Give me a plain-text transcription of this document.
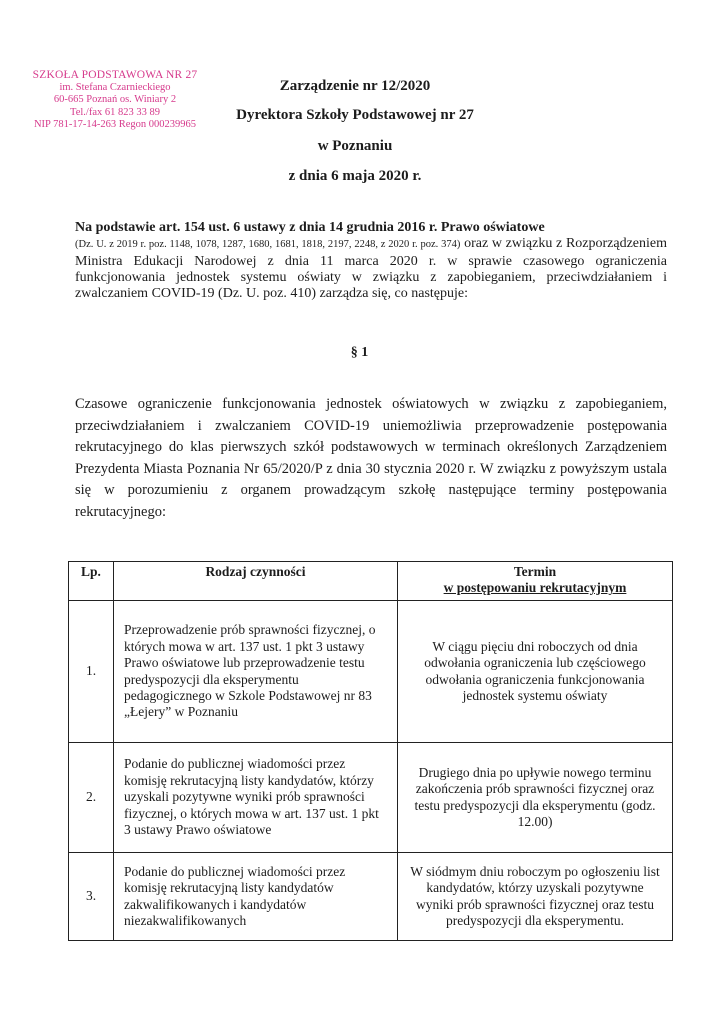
SZKOŁA PODSTAWOWA NR 27
im. Stefana Czarnieckiego
60-665 Poznań os. Winiary 2
Tel./fax 61 823 33 89
NIP 781-17-14-263 Regon 000239965
Zarządzenie nr 12/2020
Dyrektora Szkoły Podstawowej nr 27
w Poznaniu
z dnia 6 maja 2020 r.
Na podstawie art. 154 ust. 6 ustawy z dnia 14 grudnia 2016 r. Prawo oświatowe
(Dz. U. z 2019 r. poz. 1148, 1078, 1287, 1680, 1681, 1818, 2197, 2248, z 2020 r. poz. 374) oraz w związku z Rozporządzeniem Ministra Edukacji Narodowej z dnia 11 marca 2020 r. w sprawie czasowego ograniczenia funkcjonowania jednostek systemu oświaty w związku z zapobieganiem, przeciwdziałaniem i zwalczaniem COVID-19 (Dz. U. poz. 410) zarządza się, co następuje:
§ 1
Czasowe ograniczenie funkcjonowania jednostek oświatowych w związku z zapobieganiem, przeciwdziałaniem i zwalczaniem COVID-19 uniemożliwia przeprowadzenie postępowania rekrutacyjnego do klas pierwszych szkół podstawowych w terminach określonych Zarządzeniem Prezydenta Miasta Poznania Nr 65/2020/P z dnia 30 stycznia 2020 r. W związku z powyższym ustala się w porozumieniu z organem prowadzącym szkołę następujące terminy postępowania rekrutacyjnego:
Lp.	Rodzaj czynności	Termin
w postępowaniu rekrutacyjnym

1.	Przeprowadzenie prób sprawności fizycznej, o których mowa w art. 137 ust. 1 pkt 3 ustawy Prawo oświatowe lub przeprowadzenie testu predyspozycji dla eksperymentu pedagogicznego w Szkole Podstawowej nr 83 „Łejery” w Poznaniu	W ciągu pięciu dni roboczych od dnia odwołania ograniczenia lub częściowego odwołania ograniczenia funkcjonowania jednostek systemu oświaty
2.	Podanie do publicznej wiadomości przez komisję rekrutacyjną listy kandydatów, którzy uzyskali pozytywne wyniki prób sprawności fizycznej, o których mowa w art. 137 ust. 1 pkt 3 ustawy Prawo oświatowe	Drugiego dnia po upływie nowego terminu zakończenia prób sprawności fizycznej oraz testu predyspozycji dla eksperymentu (godz. 12.00)
3.	Podanie do publicznej wiadomości przez komisję rekrutacyjną listy kandydatów zakwalifikowanych i kandydatów niezakwalifikowanych	W siódmym dniu roboczym po ogłoszeniu list kandydatów, którzy uzyskali pozytywne wyniki prób sprawności fizycznej oraz testu predyspozycji dla eksperymentu.
